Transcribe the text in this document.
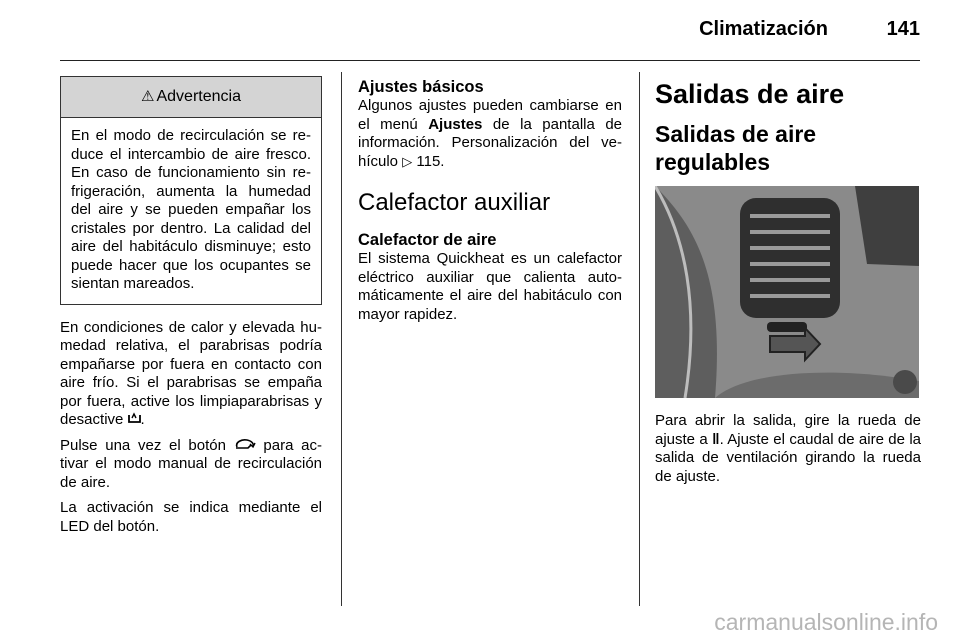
Climatización	141
⚠ Advertencia
En el modo de recirculación se re-duce el intercambio de aire fresco. En caso de funcionamiento sin re-frigeración, aumenta la humedad del aire y se pueden empañar los cristales por dentro. La calidad del aire del habitáculo disminuye; esto puede hacer que los ocupantes se sientan mareados.

En condiciones de calor y elevada hu-medad relativa, el parabrisas podría empañarse por fuera en contacto con aire frío. Si el parabrisas se empaña por fuera, active los limpiaparabrisas y desactive .

Pulse una vez el botón para ac-tivar el modo manual de recirculación de aire.

La activación se indica mediante el LED del botón.

Ajustes básicos

Algunos ajustes pueden cambiarse en el menú Ajustes de la pantalla de información. Personalización del ve-hículo ▷ 115.

Calefactor auxiliar
Calefactor de aire

El sistema Quickheat es un calefactor eléctrico auxiliar que calienta auto-máticamente el aire del habitáculo con mayor rapidez.

Salidas de aire
Salidas de aire regulables

Para abrir la salida, gire la rueda de ajuste a ǁ. Ajuste el caudal de aire de la salida de ventilación girando la rueda de ajuste.

carmanualsonline.info
